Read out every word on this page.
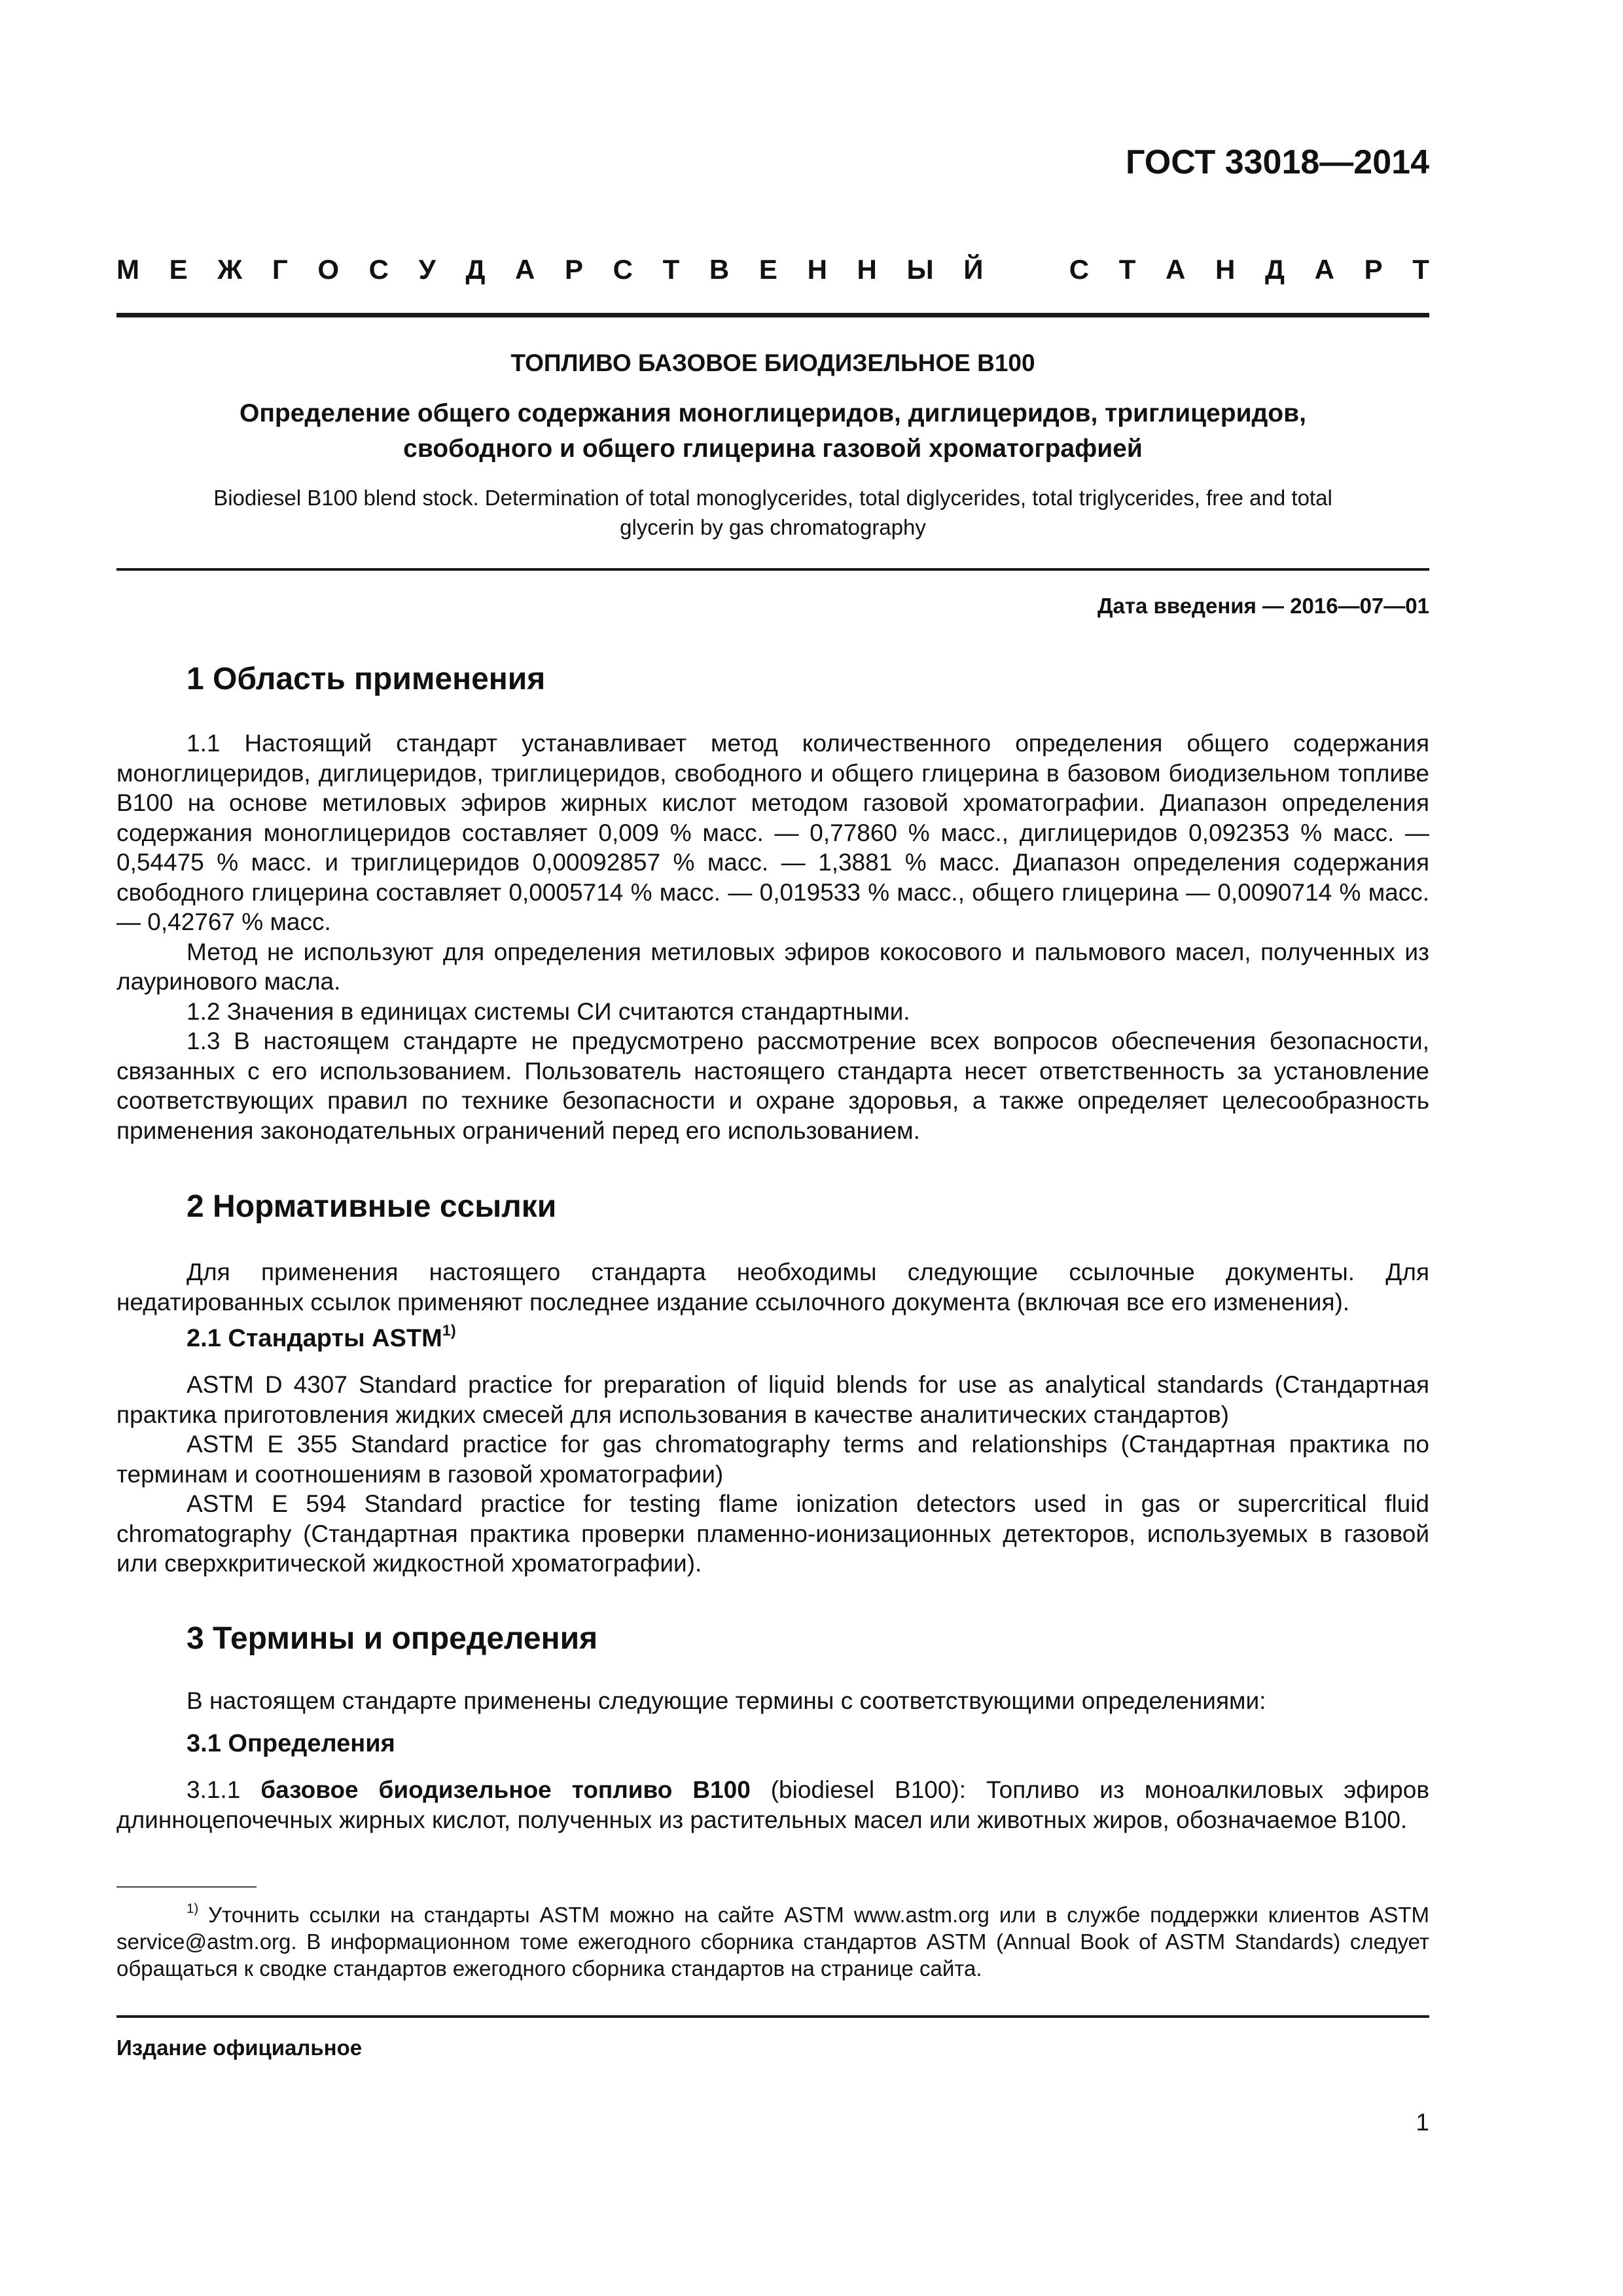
ГОСТ 33018—2014
М Е Ж Г О С У Д А Р С Т В Е Н Н Ы Й	С Т А Н Д А Р Т
ТОПЛИВО БАЗОВОЕ БИОДИЗЕЛЬНОЕ В100
Определение общего содержания моноглицеридов, диглицеридов, триглицеридов,
свободного и общего глицерина газовой хроматографией
Biodiesel B100 blend stock. Determination of total monoglycerides, total diglycerides, total triglycerides, free and total
glycerin by gas chromatography
Дата введения — 2016—07—01
1 Область применения

1.1 Настоящий стандарт устанавливает метод количественного определения общего содержания моноглицеридов, диглицеридов, триглицеридов, свободного и общего глицерина в базовом биодизельном топливе В100 на основе метиловых эфиров жирных кислот методом газовой хроматографии. Диапазон определения содержания моноглицеридов составляет 0,009 % масс. — 0,77860 % масс., диглицеридов 0,092353 % масс. — 0,54475 % масс. и триглицеридов 0,00092857 % масс. — 1,3881 % масс. Диапазон определения содержания свободного глицерина составляет 0,0005714 % масс. — 0,019533 % масс., общего глицерина — 0,0090714 % масс. — 0,42767 % масс.

Метод не используют для определения метиловых эфиров кокосового и пальмового масел, полученных из лауринового масла.

1.2 Значения в единицах системы СИ считаются стандартными.

1.3 В настоящем стандарте не предусмотрено рассмотрение всех вопросов обеспечения безопасности, связанных с его использованием. Пользователь настоящего стандарта несет ответственность за установление соответствующих правил по технике безопасности и охране здоровья, а также определяет целесообразность применения законодательных ограничений перед его использованием.

2 Нормативные ссылки

Для применения настоящего стандарта необходимы следующие ссылочные документы. Для недатированных ссылок применяют последнее издание ссылочного документа (включая все его изменения).

2.1 Стандарты ASTM$^{1)}$

ASTM D 4307 Standard practice for preparation of liquid blends for use as analytical standards (Стандартная практика приготовления жидких смесей для использования в качестве аналитических стандартов)

ASTM E 355 Standard practice for gas chromatography terms and relationships (Стандартная практика по терминам и соотношениям в газовой хроматографии)

ASTM E 594 Standard practice for testing flame ionization detectors used in gas or supercritical fluid chromatography (Стандартная практика проверки пламенно-ионизационных детекторов, используемых в газовой или сверхкритической жидкостной хроматографии).

3 Термины и определения

В настоящем стандарте применены следующие термины с соответствующими определениями:

3.1 Определения

3.1.1 базовое биодизельное топливо В100 (biodiesel B100): Топливо из моноалкиловых эфиров длинноцепочечных жирных кислот, полученных из растительных масел или животных жиров, обозначаемое В100.

$^{1)}$ Уточнить ссылки на стандарты ASTM можно на сайте ASTM www.astm.org или в службе поддержки клиентов ASTM service@astm.org. В информационном томе ежегодного сборника стандартов ASTM (Annual Book of ASTM Standards) следует обращаться к сводке стандартов ежегодного сборника стандартов на странице сайта.

Издание официальное
1
